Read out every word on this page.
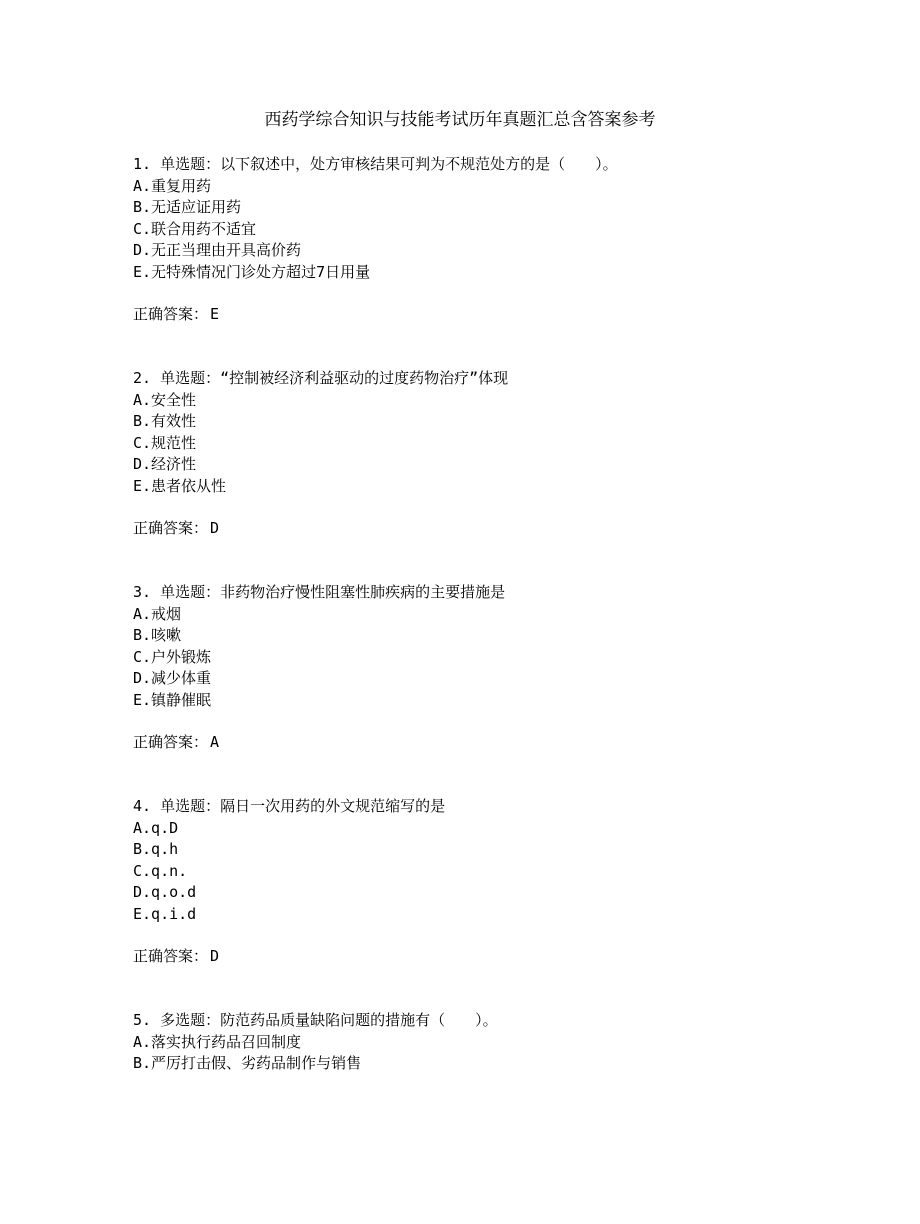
西药学综合知识与技能考试历年真题汇总含答案参考
1. 单选题：以下叙述中，处方审核结果可判为不规范处方的是（　　）。
A.重复用药
B.无适应证用药
C.联合用药不适宜
D.无正当理由开具高价药
E.无特殊情况门诊处方超过7日用量
正确答案： E
2. 单选题：“控制被经济利益驱动的过度药物治疗”体现
A.安全性
B.有效性
C.规范性
D.经济性
E.患者依从性
正确答案： D
3. 单选题：非药物治疗慢性阻塞性肺疾病的主要措施是
A.戒烟
B.咳嗽
C.户外锻炼
D.减少体重
E.镇静催眠
正确答案： A
4. 单选题：隔日一次用药的外文规范缩写的是
A.q.D
B.q.h
C.q.n.
D.q.o.d
E.q.i.d
正确答案： D
5. 多选题：防范药品质量缺陷问题的措施有（　　）。
A.落实执行药品召回制度
B.严厉打击假、劣药品制作与销售
